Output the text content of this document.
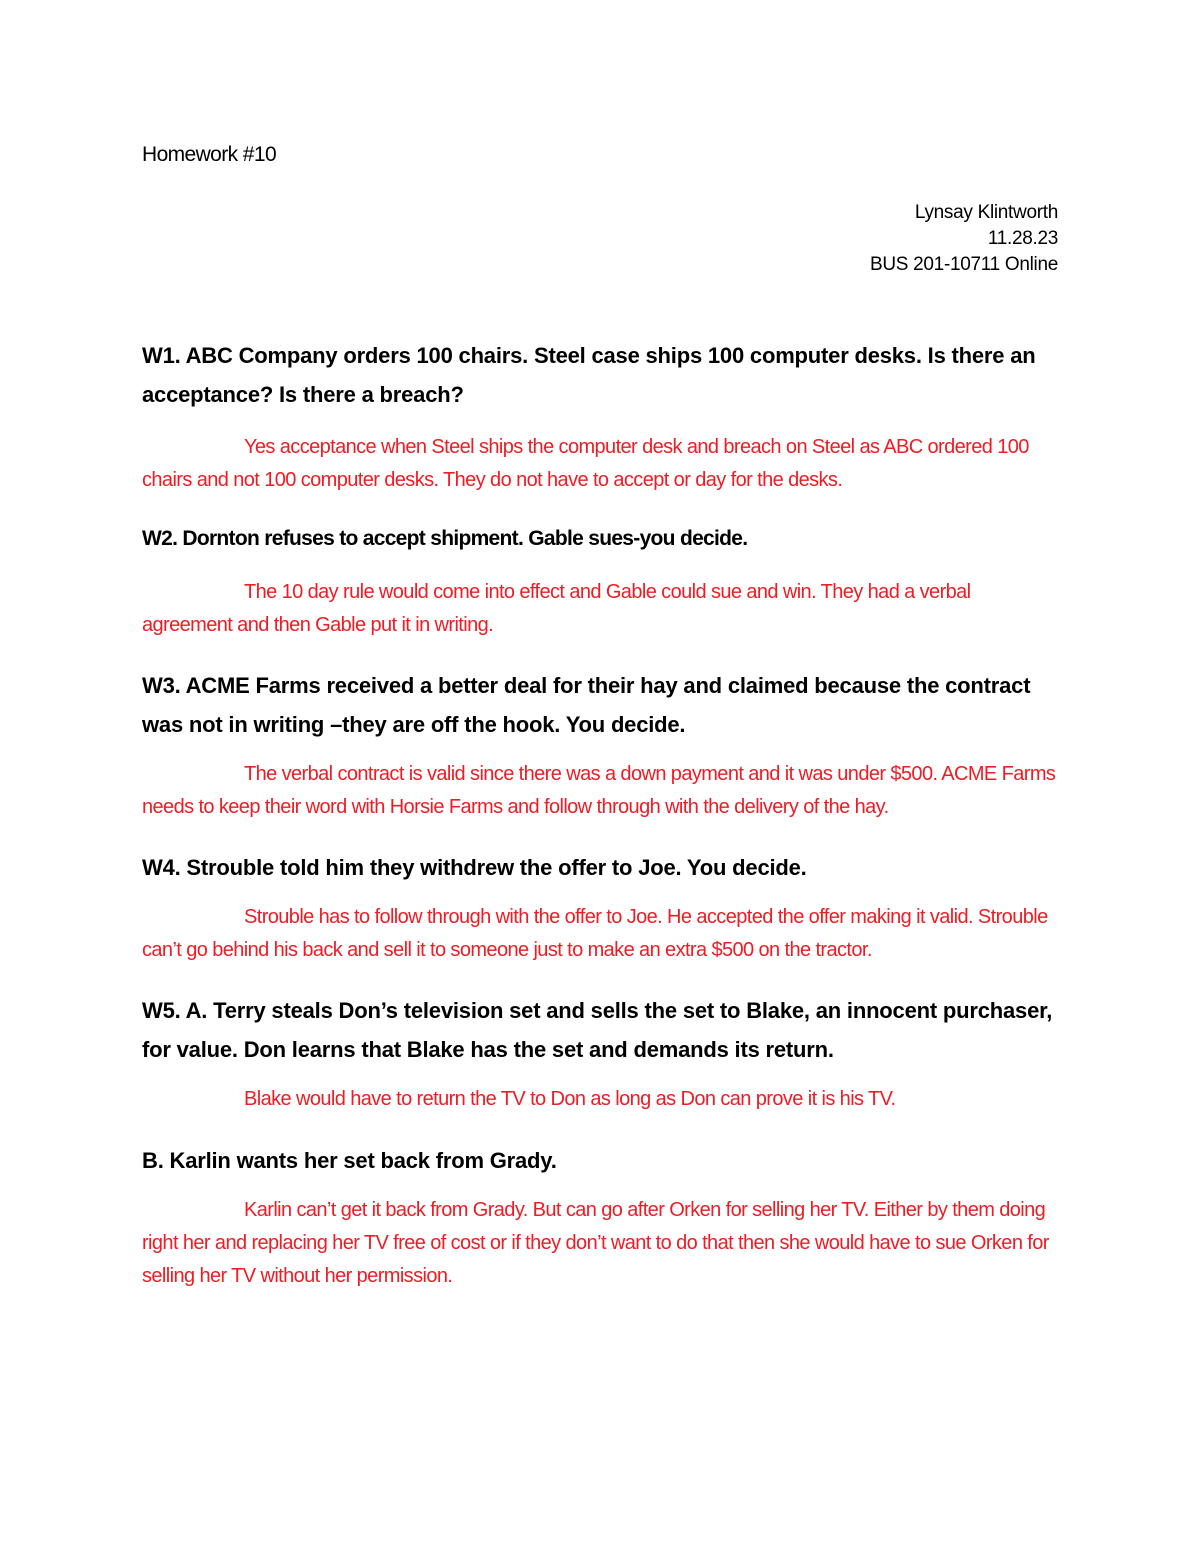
Homework #10
Lynsay Klintworth
11.28.23
BUS 201-10711 Online

W1. ABC Company orders 100 chairs. Steel case ships 100 computer desks. Is there an acceptance? Is there a breach?

Yes acceptance when Steel ships the computer desk and breach on Steel as ABC ordered 100 chairs and not 100 computer desks. They do not have to accept or day for the desks.

W2. Dornton refuses to accept shipment. Gable sues-you decide.

The 10 day rule would come into effect and Gable could sue and win. They had a verbal agreement and then Gable put it in writing.

W3. ACME Farms received a better deal for their hay and claimed because the contract was not in writing –they are off the hook. You decide.

The verbal contract is valid since there was a down payment and it was under $500. ACME Farms needs to keep their word with Horsie Farms and follow through with the delivery of the hay.

W4. Strouble told him they withdrew the offer to Joe. You decide.

Strouble has to follow through with the offer to Joe. He accepted the offer making it valid. Strouble can’t go behind his back and sell it to someone just to make an extra $500 on the tractor.

W5. A. Terry steals Don’s television set and sells the set to Blake, an innocent purchaser, for value. Don learns that Blake has the set and demands its return.

Blake would have to return the TV to Don as long as Don can prove it is his TV.

B. Karlin wants her set back from Grady.

Karlin can’t get it back from Grady. But can go after Orken for selling her TV. Either by them doing right her and replacing her TV free of cost or if they don’t want to do that then she would have to sue Orken for selling her TV without her permission.
